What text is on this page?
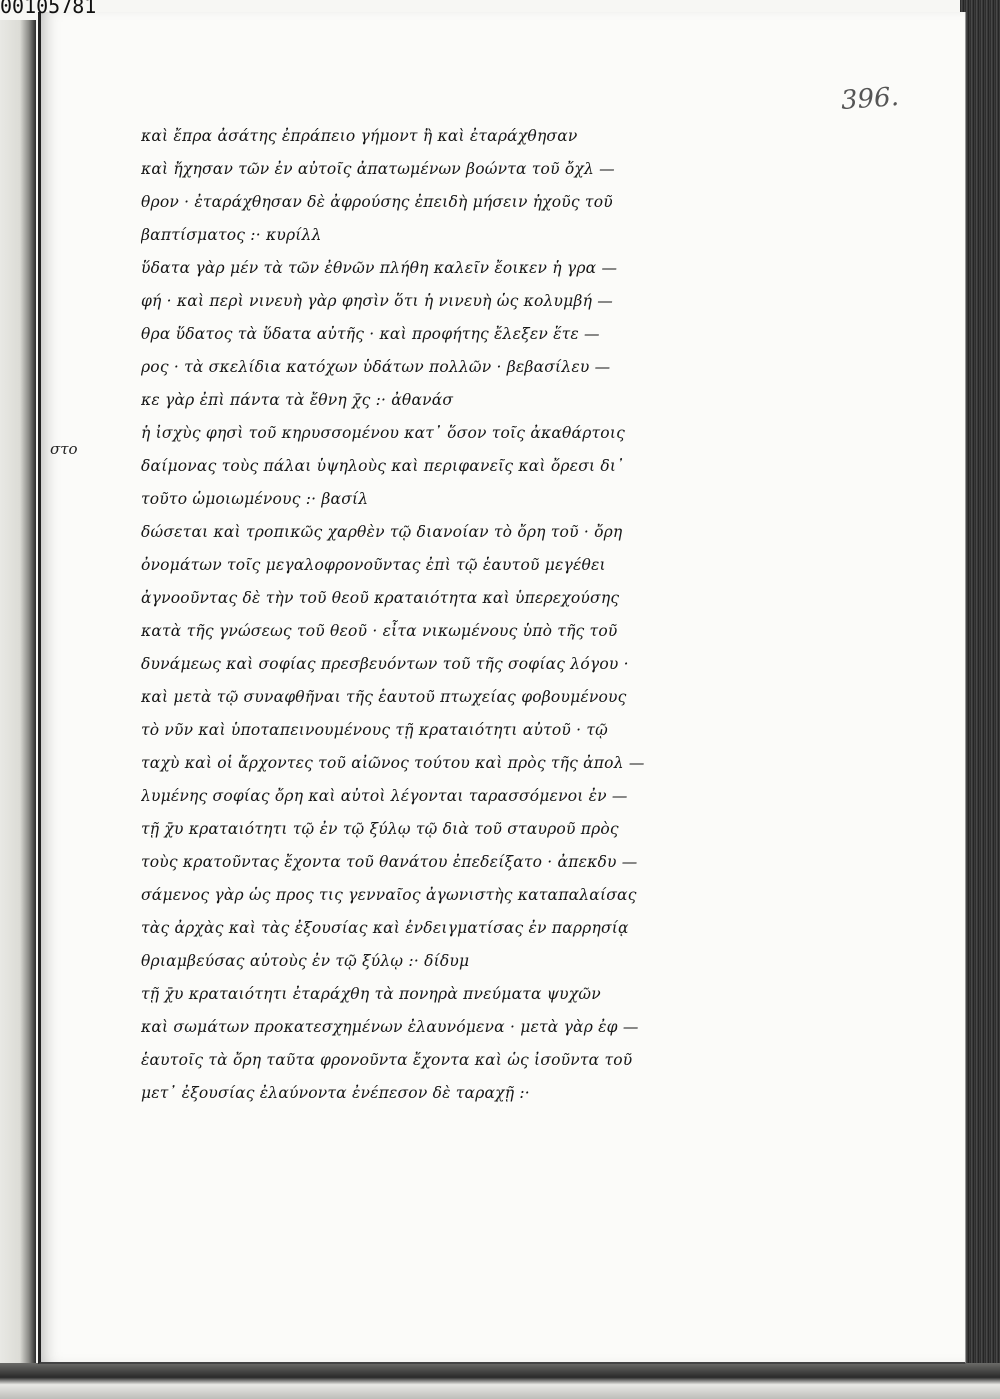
396.
καὶ ἔπρα ἀσάτης ἐπράπειο γήμοντ ἢ καὶ ἐταράχθησαν
καὶ ἤχησαν τῶν ἐν αὐτοῖς ἀπατωμένων βοώντα τοῦ ὄχλ —
θρον · ἐταράχθησαν δὲ ἀφρούσης ἐπειδὴ μήσειν ἠχοῦς τοῦ
βαπτίσματος :· κυρίλλ
ὕδατα γὰρ μέν τὰ τῶν ἐθνῶν πλήθη καλεῖν ἔοικεν ἡ γρα —
φή · καὶ περὶ νινευὴ γὰρ φησὶν ὅτι ἡ νινευὴ ὡς κολυμβή —
θρα ὕδατος τὰ ὕδατα αὐτῆς · καὶ προφήτης ἔλεξεν ἕτε —
ρος · τὰ σκελίδια κατόχων ὑδάτων πολλῶν · βεβασίλευ —
κε γὰρ ἐπὶ πάντα τὰ ἔθνη χ̄ς :· ἀθανάσ
ἡ ἰσχὺς φησὶ τοῦ κηρυσσομένου κατ᾽ ὅσον τοῖς ἀκαθάρτοις
δαίμονας τοὺς πάλαι ὑψηλοὺς καὶ περιφανεῖς καὶ ὄρεσι δι᾽
τοῦτο ὡμοιωμένους :· βασίλ
δώσεται καὶ τροπικῶς χαρθὲν τῷ διανοίαν τὸ ὄρη τοῦ · ὄρη
ὀνομάτων τοῖς μεγαλοφρονοῦντας ἐπὶ τῷ ἑαυτοῦ μεγέθει
ἀγνοοῦντας δὲ τὴν τοῦ θεοῦ κραταιότητα καὶ ὑπερεχούσης
κατὰ τῆς γνώσεως τοῦ θεοῦ · εἶτα νικωμένους ὑπὸ τῆς τοῦ
δυνάμεως καὶ σοφίας πρεσβευόντων τοῦ τῆς σοφίας λόγου ·
καὶ μετὰ τῷ συναφθῆναι τῆς ἑαυτοῦ πτωχείας φοβουμένους
τὸ νῦν καὶ ὑποταπεινουμένους τῇ κραταιότητι αὐτοῦ · τῷ
ταχὺ καὶ οἱ ἄρχοντες τοῦ αἰῶνος τούτου καὶ πρὸς τῆς ἀπολ —
λυμένης σοφίας ὄρη καὶ αὐτοὶ λέγονται ταρασσόμενοι ἐν —
τῇ χ̄υ κραταιότητι τῷ ἐν τῷ ξύλῳ τῷ διὰ τοῦ σταυροῦ πρὸς
τοὺς κρατοῦντας ἔχοντα τοῦ θανάτου ἐπεδείξατο · ἀπεκδυ —
σάμενος γὰρ ὡς προς τις γενναῖος ἀγωνιστὴς καταπαλαίσας
τὰς ἀρχὰς καὶ τὰς ἐξουσίας καὶ ἐνδειγματίσας ἐν παρρησίᾳ
θριαμβεύσας αὐτοὺς ἐν τῷ ξύλῳ :· δίδυμ
τῇ χ̄υ κραταιότητι ἐταράχθη τὰ πονηρὰ πνεύματα ψυχῶν
καὶ σωμάτων προκατεσχημένων ἐλαυνόμενα · μετὰ γὰρ ἐφ —
ἑαυτοῖς τὰ ὄρη ταῦτα φρονοῦντα ἔχοντα καὶ ὡς ἰσοῦντα τοῦ
μετ᾽ ἐξουσίας ἐλαύνοντα ἐνέπεσον δὲ ταραχῇ :·
στο
00105781
